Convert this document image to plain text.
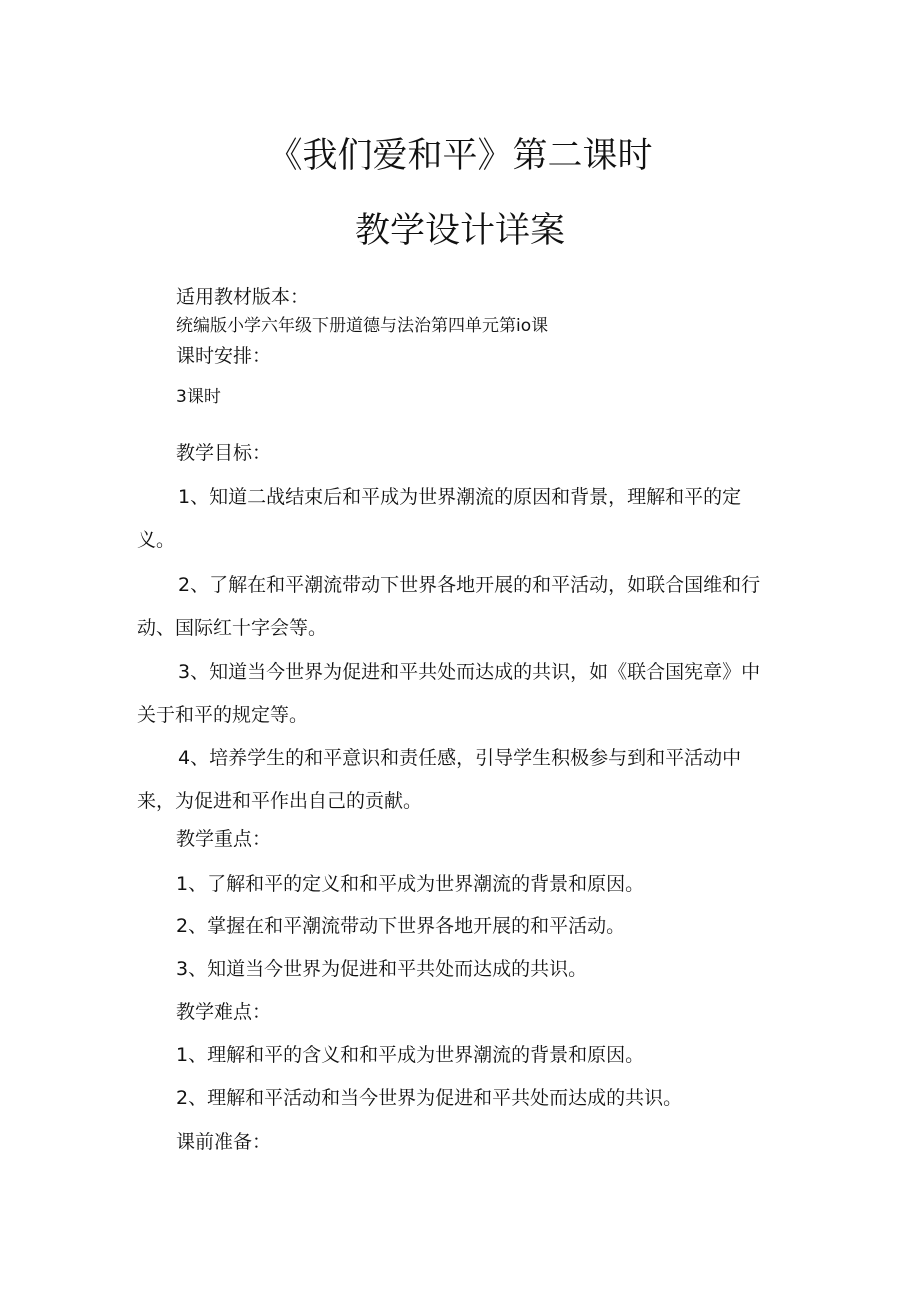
《我们爱和平》第二课时
教学设计详案
适用教材版本：
统编版小学六年级下册道德与法治第四单元第io课
课时安排：
3课时
教学目标：
1、知道二战结束后和平成为世界潮流的原因和背景，理解和平的定义。
2、了解在和平潮流带动下世界各地开展的和平活动，如联合国维和行动、国际红十字会等。
3、知道当今世界为促进和平共处而达成的共识，如《联合国宪章》中关于和平的规定等。
4、培养学生的和平意识和责任感，引导学生积极参与到和平活动中来，为促进和平作出自己的贡献。
教学重点：
1、了解和平的定义和和平成为世界潮流的背景和原因。
2、掌握在和平潮流带动下世界各地开展的和平活动。
3、知道当今世界为促进和平共处而达成的共识。
教学难点：
1、理解和平的含义和和平成为世界潮流的背景和原因。
2、理解和平活动和当今世界为促进和平共处而达成的共识。
课前准备：
